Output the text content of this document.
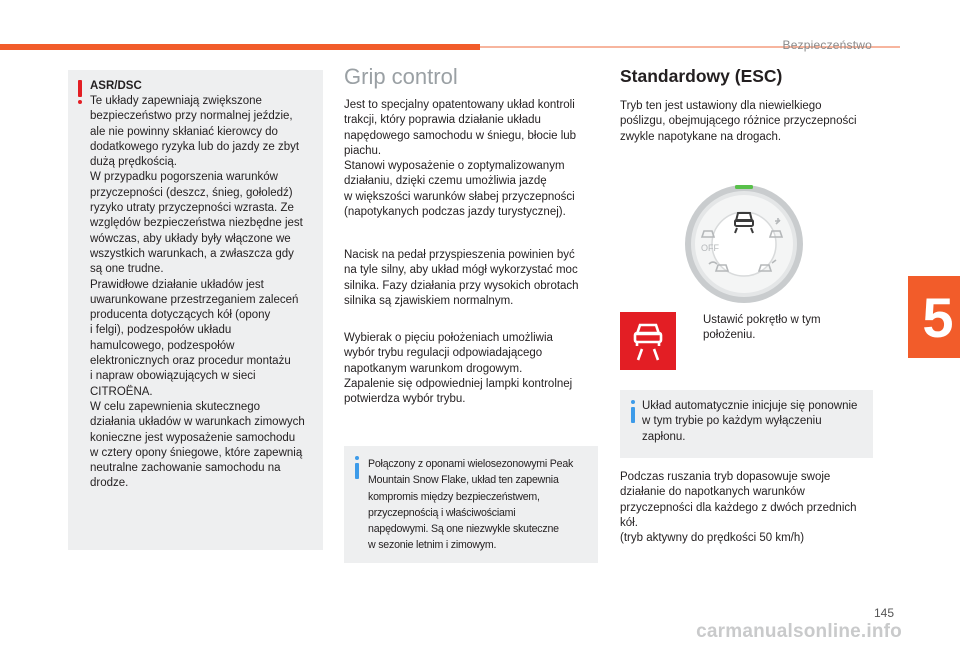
Bezpieczeństwo
5
ASR/DSC
Te układy zapewniają zwiększone
bezpieczeństwo przy normalnej jeździe,
ale nie powinny skłaniać kierowcy do
dodatkowego ryzyka lub do jazdy ze zbyt
dużą prędkością.
W przypadku pogorszenia warunków
przyczepności (deszcz, śnieg, gołoledź)
ryzyko utraty przyczepności wzrasta. Ze
względów bezpieczeństwa niezbędne jest
wówczas, aby układy były włączone we
wszystkich warunkach, a zwłaszcza gdy
są one trudne.
Prawidłowe działanie układów jest
uwarunkowane przestrzeganiem zaleceń
producenta dotyczących kół (opony
i felgi), podzespołów układu
hamulcowego, podzespołów
elektronicznych oraz procedur montażu
i napraw obowiązujących w sieci
CITROËNA.
W celu zapewnienia skutecznego
działania układów w warunkach zimowych
konieczne jest wyposażenie samochodu
w cztery opony śniegowe, które zapewnią
neutralne zachowanie samochodu na
drodze.
Grip control
Jest to specjalny opatentowany układ kontroli
trakcji, który poprawia działanie układu
napędowego samochodu w śniegu, błocie lub
piachu.
Stanowi wyposażenie o zoptymalizowanym
działaniu, dzięki czemu umożliwia jazdę
w większości warunków słabej przyczepności
(napotykanych podczas jazdy turystycznej).
Nacisk na pedał przyspieszenia powinien być
na tyle silny, aby układ mógł wykorzystać moc
silnika. Fazy działania przy wysokich obrotach
silnika są zjawiskiem normalnym.
Wybierak o pięciu położeniach umożliwia
wybór trybu regulacji odpowiadającego
napotkanym warunkom drogowym.
Zapalenie się odpowiedniej lampki kontrolnej
potwierdza wybór trybu.
Połączony z oponami wielosezonowymi Peak
Mountain Snow Flake, układ ten zapewnia
kompromis między bezpieczeństwem,
przyczepnością i właściwościami
napędowymi. Są one niezwykle skuteczne
w sezonie letnim i zimowym.
Standardowy (ESC)
Tryb ten jest ustawiony dla niewielkiego
poślizgu, obejmującego różnice przyczepności
zwykle napotykane na drogach.
OFF
Ustawić pokrętło w tym
położeniu.
Układ automatycznie inicjuje się ponownie
w tym trybie po każdym wyłączeniu
zapłonu.
Podczas ruszania tryb dopasowuje swoje
działanie do napotkanych warunków
przyczepności dla każdego z dwóch przednich
kół.
(tryb aktywny do prędkości 50 km/h)
145
carmanualsonline.info
